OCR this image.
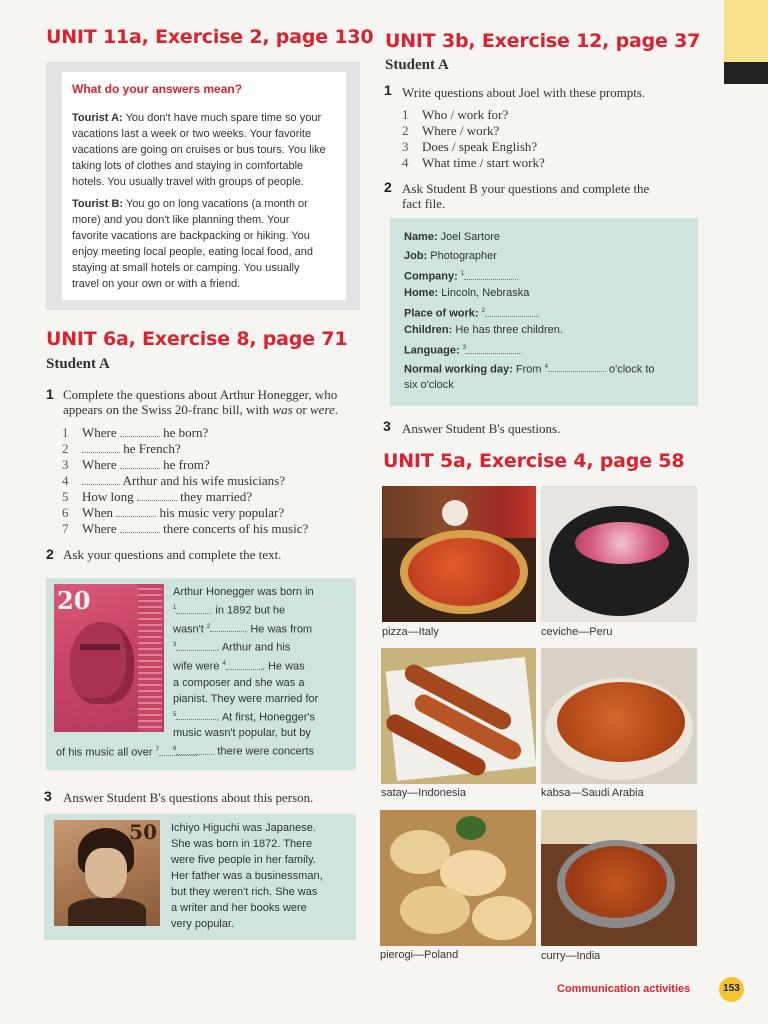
UNIT 11a, Exercise 2, page 130
What do your answers mean?
Tourist A: You don't have much spare time so your
vacations last a week or two weeks. Your favorite
vacations are going on cruises or bus tours. You like
taking lots of clothes and staying in comfortable
hotels. You usually travel with groups of people.
Tourist B: You go on long vacations (a month or
more) and you don't like planning them. Your
favorite vacations are backpacking or hiking. You
enjoy meeting local people, eating local food, and
staying at small hotels or camping. You usually
travel on your own or with a friend.
UNIT 6a, Exercise 8, page 71
Student A
1 Complete the questions about Arthur Honegger, who
appears on the Swiss 20-franc bill, with was or were.
1 Where	he born?
2	he French?
3 Where	he from?
4	Arthur and his wife musicians?
5 How long	they married?
6 When	his music very popular?
7 Where	there concerts of his music?
2 Ask your questions and complete the text.
20	Arthur Honegger was born in
$^1$	in 1892 but he
wasn't $^2$	. He was from
$^3$	. Arthur and his
wife were $^4$	. He was
a composer and she was a
pianist. They were married for
$^5$	. At first, Honegger's
music wasn't popular, but by
$^6$	there were concerts
of his music all over $^7$	.
3 Answer Student B's questions about this person.
50 Ichiyo Higuchi was Japanese.
She was born in 1872. There
were five people in her family.
Her father was a businessman,
but they weren't rich. She was
a writer and her books were
very popular.
UNIT 3b, Exercise 12, page 37
Student A
1 Write questions about Joel with these prompts.
1 Who / work for?
2 Where / work?
3 Does / speak English?
4 What time / start work?
2 Ask Student B your questions and complete the
fact file.
Name: Joel Sartore
Job: Photographer
Company: $^1$
Home: Lincoln, Nebraska
Place of work: $^2$
Children: He has three children.
Language: $^3$
Normal working day: From $^4$	o'clock to
six o'clock
3 Answer Student B's questions.
UNIT 5a, Exercise 4, page 58
pizza—Italy	ceviche—Peru
satay—Indonesia	kabsa—Saudi Arabia
pierogi—Poland	curry—India
Communication activities	153
